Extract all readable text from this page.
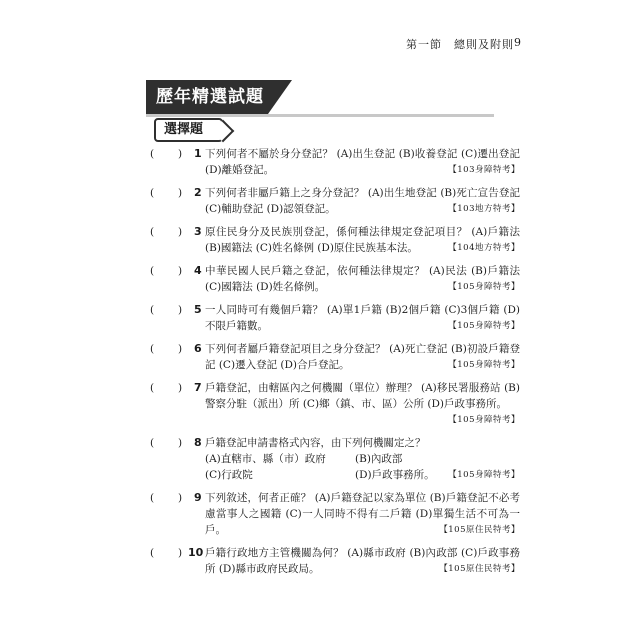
第一節　總則及附則 9
歷年精選試題
選擇題
( ) 1 下列何者不屬於身分登記？ (A)出生登記 (B)收養登記 (C)遷出登記 (D)離婚登記。	【103身障特考】
( ) 2 下列何者非屬戶籍上之身分登記？ (A)出生地登記 (B)死亡宣告登記 (C)輔助登記 (D)認領登記。	【103地方特考】
( ) 3 原住民身分及民族別登記，係何種法律規定登記項目？ (A)戶籍法 (B)國籍法 (C)姓名條例 (D)原住民族基本法。	【104地方特考】
( ) 4 中華民國人民戶籍之登記，依何種法律規定？ (A)民法 (B)戶籍法 (C)國籍法 (D)姓名條例。	【105身障特考】
( ) 5 一人同時可有幾個戶籍？ (A)單1戶籍 (B)2個戶籍 (C)3個戶籍 (D)不限戶籍數。	【105身障特考】
( ) 6 下列何者屬戶籍登記項目之身分登記？ (A)死亡登記 (B)初設戶籍登記 (C)遷入登記 (D)合戶登記。	【105身障特考】
( ) 7 戶籍登記，由轄區內之何機關（單位）辦理？ (A)移民署服務站 (B)警察分駐（派出）所 (C)鄉（鎮、市、區）公所 (D)戶政事務所。
【105身障特考】
( ) 8 戶籍登記申請書格式內容，由下列何機關定之？
(A)直轄市、縣（市）政府	(B)內政部
(C)行政院	(D)戶政事務所。 【105身障特考】
( ) 9 下列敘述，何者正確？ (A)戶籍登記以家為單位 (B)戶籍登記不必考慮當事人之國籍 (C)一人同時不得有二戶籍 (D)單獨生活不可為一戶。	【105原住民特考】
( ) 10 戶籍行政地方主管機關為何？ (A)縣市政府 (B)內政部 (C)戶政事務所 (D)縣市政府民政局。	【105原住民特考】
